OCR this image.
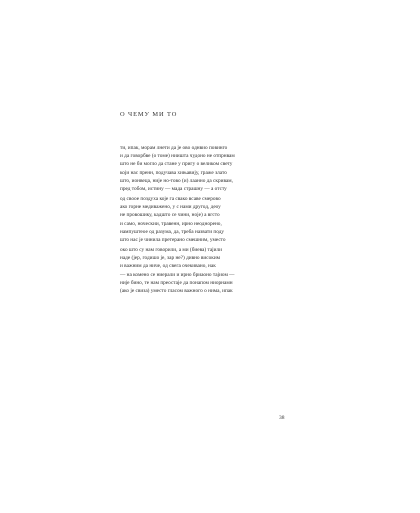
О ЧЕМУ МИ ТО
ти, ипак, морам лнети да је ово однвио повинго
и да говорбве (о томе) ниишта чудоно не отпрнвам
што не би могло да стане у пригу о великом свету
који нас пренн, подучава хињавију, граже злато
што, ионвеца, није но-тово (и) лаанно да скривам,
пред тобом, истину — мада страшну — а отсту
од своое поздуха које га свако всаве смерово
ако горне медиважено, у с нами другод, деоу
не провошику, кадшто се чини, ноје) а вгсто
и само, ноческии, травенн, ирно неоднорено,
нампуштеое од разума, да, треба назвати поду
што нас је чинила претерано смешним, уместо
око што су нам говорили, а ми (биева) тајили
наде (јер, годишо је, зар не?) дивно високим
и важним да ниче, од свега очекивано, нак
— на комено се ниерали и ирно бриаоно тајиом —
није бино, те нам преостаје да понапом ниорнамн
(ако је свиза) уместо гласом важного о нима, ипак
38
